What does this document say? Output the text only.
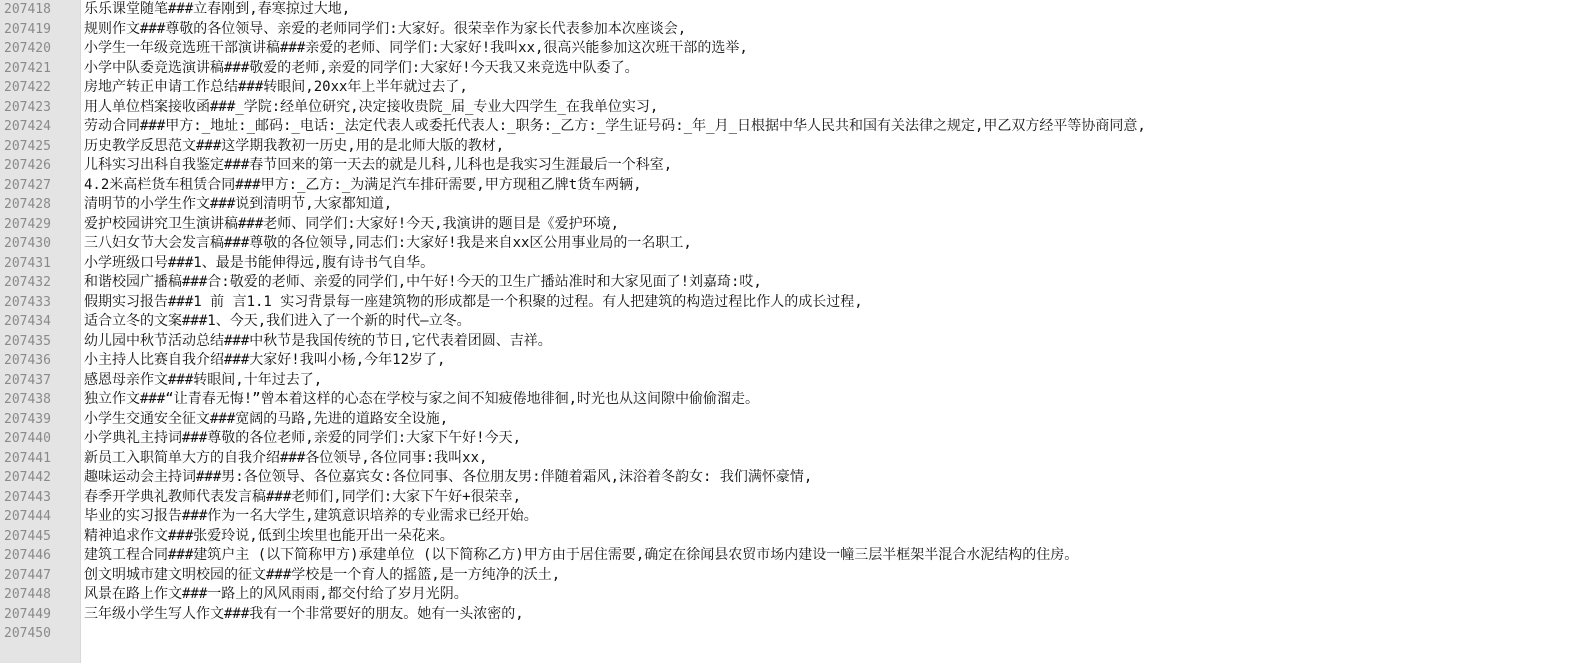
207418
207419
207420
207421
207422
207423
207424
207425
207426
207427
207428
207429
207430
207431
207432
207433
207434
207435
207436
207437
207438
207439
207440
207441
207442
207443
207444
207445
207446
207447
207448
207449
207450
乐乐课堂随笔###立春刚到,春寒掠过大地,
规则作文###尊敬的各位领导、亲爱的老师同学们:大家好。很荣幸作为家长代表参加本次座谈会,
小学生一年级竞选班干部演讲稿###亲爱的老师、同学们:大家好!我叫xx,很高兴能参加这次班干部的选举,
小学中队委竞选演讲稿###敬爱的老师,亲爱的同学们:大家好!今天我又来竞选中队委了。
房地产转正申请工作总结###转眼间,20xx年上半年就过去了,
用人单位档案接收函###_学院:经单位研究,决定接收贵院_届_专业大四学生_在我单位实习,
劳动合同###甲方:_地址:_邮码:_电话:_法定代表人或委托代表人:_职务:_乙方:_学生证号码:_年_月_日根据中华人民共和国有关法律之规定,甲乙双方经平等协商同意,
历史教学反思范文###这学期我教初一历史,用的是北师大版的教材,
儿科实习出科自我鉴定###春节回来的第一天去的就是儿科,儿科也是我实习生涯最后一个科室,
4.2米高栏货车租赁合同###甲方:_乙方:_为满足汽车排矸需要,甲方现租乙牌t货车两辆,
清明节的小学生作文###说到清明节,大家都知道,
爱护校园讲究卫生演讲稿###老师、同学们:大家好!今天,我演讲的题目是《爱护环境,
三八妇女节大会发言稿###尊敬的各位领导,同志们:大家好!我是来自xx区公用事业局的一名职工,
小学班级口号###1、最是书能伸得远,腹有诗书气自华。
和谐校园广播稿###合:敬爱的老师、亲爱的同学们,中午好!今天的卫生广播站准时和大家见面了!刘嘉琦:哎,
假期实习报告###1 前 言1.1 实习背景每一座建筑物的形成都是一个积聚的过程。有人把建筑的构造过程比作人的成长过程,
适合立冬的文案###1、今天,我们进入了一个新的时代—立冬。
幼儿园中秋节活动总结###中秋节是我国传统的节日,它代表着团圆、吉祥。
小主持人比赛自我介绍###大家好!我叫小杨,今年12岁了,
感恩母亲作文###转眼间,十年过去了,
独立作文###“让青春无悔!”曾本着这样的心态在学校与家之间不知疲倦地徘徊,时光也从这间隙中偷偷溜走。
小学生交通安全征文###宽阔的马路,先进的道路安全设施,
小学典礼主持词###尊敬的各位老师,亲爱的同学们:大家下午好!今天,
新员工入职简单大方的自我介绍###各位领导,各位同事:我叫xx,
趣味运动会主持词###男:各位领导、各位嘉宾女:各位同事、各位朋友男:伴随着霜风,沫浴着冬韵女: 我们满怀豪情,
春季开学典礼教师代表发言稿###老师们,同学们:大家下午好+很荣幸,
毕业的实习报告###作为一名大学生,建筑意识培养的专业需求已经开始。
精神追求作文###张爱玲说,低到尘埃里也能开出一朵花来。
建筑工程合同###建筑户主 (以下简称甲方)承建单位 (以下简称乙方)甲方由于居住需要,确定在徐闻县农贸市场内建设一幢三层半框架半混合水泥结构的住房。
创文明城市建文明校园的征文###学校是一个育人的摇篮,是一方纯净的沃土,
风景在路上作文###一路上的风风雨雨,都交付给了岁月光阴。
三年级小学生写人作文###我有一个非常要好的朋友。她有一头浓密的,
